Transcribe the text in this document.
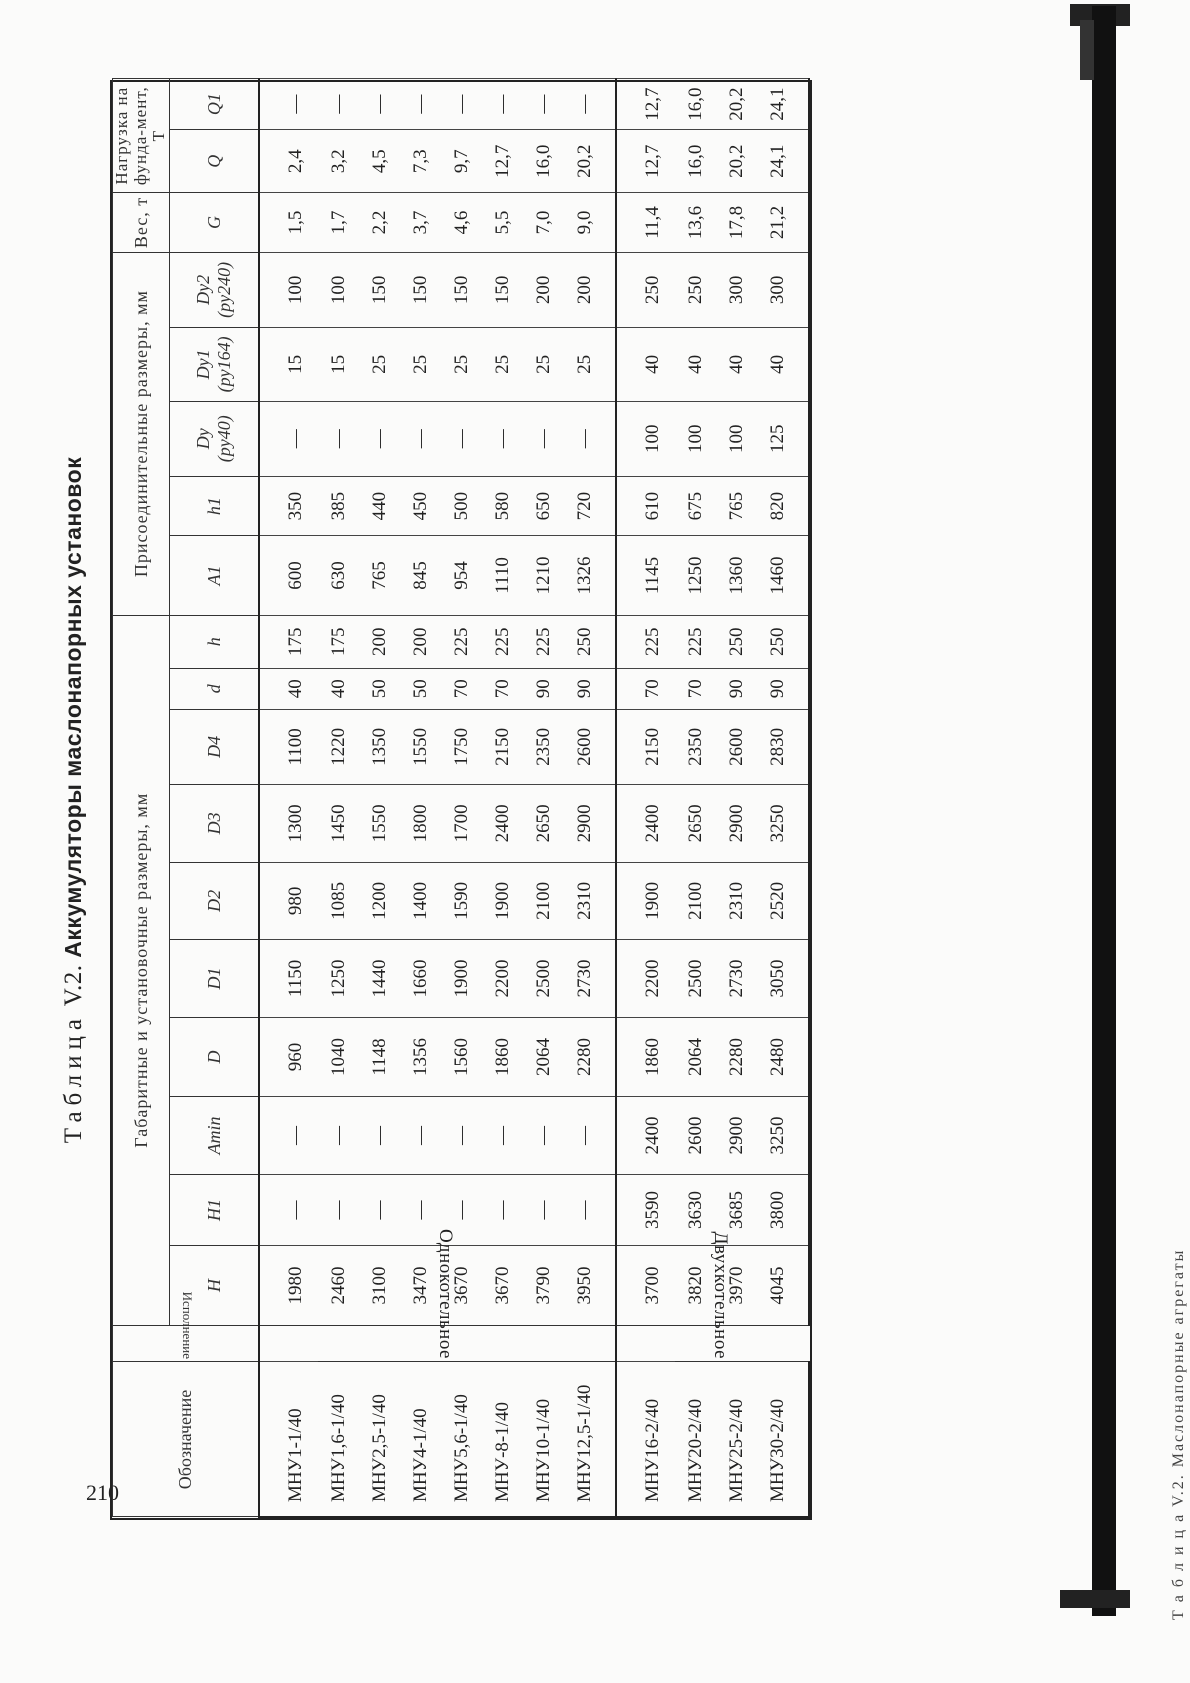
210	Т а б л и ц а V.2. Маслонапорные агрегаты
Таблица V.2. Аккумуляторы маслонапорных установок
Обозначение	Исполнение	Габаритные и установочные размеры, мм										Присоединительные размеры, мм					Вес, т	Нагрузка на фунда-мент, Т	
		H	H1	Amin	D	D1	D2	D3	D4	d	h	A1	h1	Dy (py40)	Dy1 (py164)	Dy2 (py240)	G	Q	Q1
МНУ1-1/40	Однокотельное	1980	—	—	960	1150	980	1300	1100	40	175	600	350	—	15	100	1,5	2,4	—
МНУ1,6-1/40		2460	—	—	1040	1250	1085	1450	1220	40	175	630	385	—	15	100	1,7	3,2	—
МНУ2,5-1/40		3100	—	—	1148	1440	1200	1550	1350	50	200	765	440	—	25	150	2,2	4,5	—
МНУ4-1/40		3470	—	—	1356	1660	1400	1800	1550	50	200	845	450	—	25	150	3,7	7,3	—
МНУ5,6-1/40		3670	—	—	1560	1900	1590	1700	1750	70	225	954	500	—	25	150	4,6	9,7	—
МНУ-8-1/40		3670	—	—	1860	2200	1900	2400	2150	70	225	1110	580	—	25	150	5,5	12,7	—
МНУ10-1/40		3790	—	—	2064	2500	2100	2650	2350	90	225	1210	650	—	25	200	7,0	16,0	—
МНУ12,5-1/40		3950	—	—	2280	2730	2310	2900	2600	90	250	1326	720	—	25	200	9,0	20,2	—
МНУ16-2/40	Двухкотельное	3700	3590	2400	1860	2200	1900	2400	2150	70	225	1145	610	100	40	250	11,4	12,7	12,7
МНУ20-2/40		3820	3630	2600	2064	2500	2100	2650	2350	70	225	1250	675	100	40	250	13,6	16,0	16,0
МНУ25-2/40		3970	3685	2900	2280	2730	2310	2900	2600	90	250	1360	765	100	40	300	17,8	20,2	20,2
МНУ30-2/40		4045	3800	3250	2480	3050	2520	3250	2830	90	250	1460	820	125	40	300	21,2	24,1	24,1
